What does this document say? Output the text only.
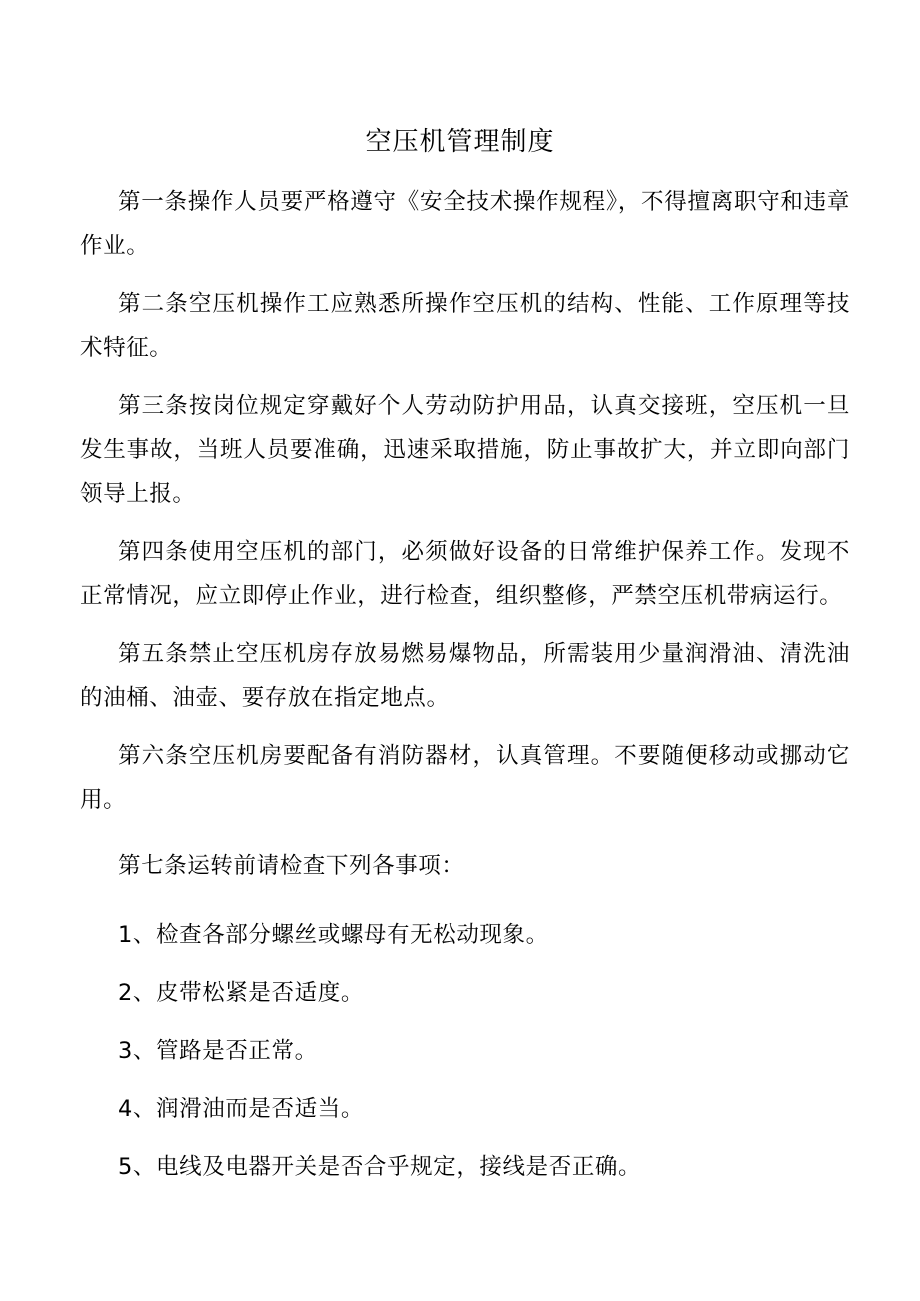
空压机管理制度

第一条操作人员要严格遵守《安全技术操作规程》，不得擅离职守和违章作业。

第二条空压机操作工应熟悉所操作空压机的结构、性能、工作原理等技术特征。

第三条按岗位规定穿戴好个人劳动防护用品，认真交接班，空压机一旦发生事故，当班人员要准确，迅速采取措施，防止事故扩大，并立即向部门领导上报。

第四条使用空压机的部门，必须做好设备的日常维护保养工作。发现不正常情况，应立即停止作业，进行检查，组织整修，严禁空压机带病运行。

第五条禁止空压机房存放易燃易爆物品，所需装用少量润滑油、清洗油的油桶、油壶、要存放在指定地点。

第六条空压机房要配备有消防器材，认真管理。不要随便移动或挪动它用。

第七条运转前请检查下列各事项：

1、检查各部分螺丝或螺母有无松动现象。

2、皮带松紧是否适度。

3、管路是否正常。

4、润滑油而是否适当。

5、电线及电器开关是否合乎规定，接线是否正确。
